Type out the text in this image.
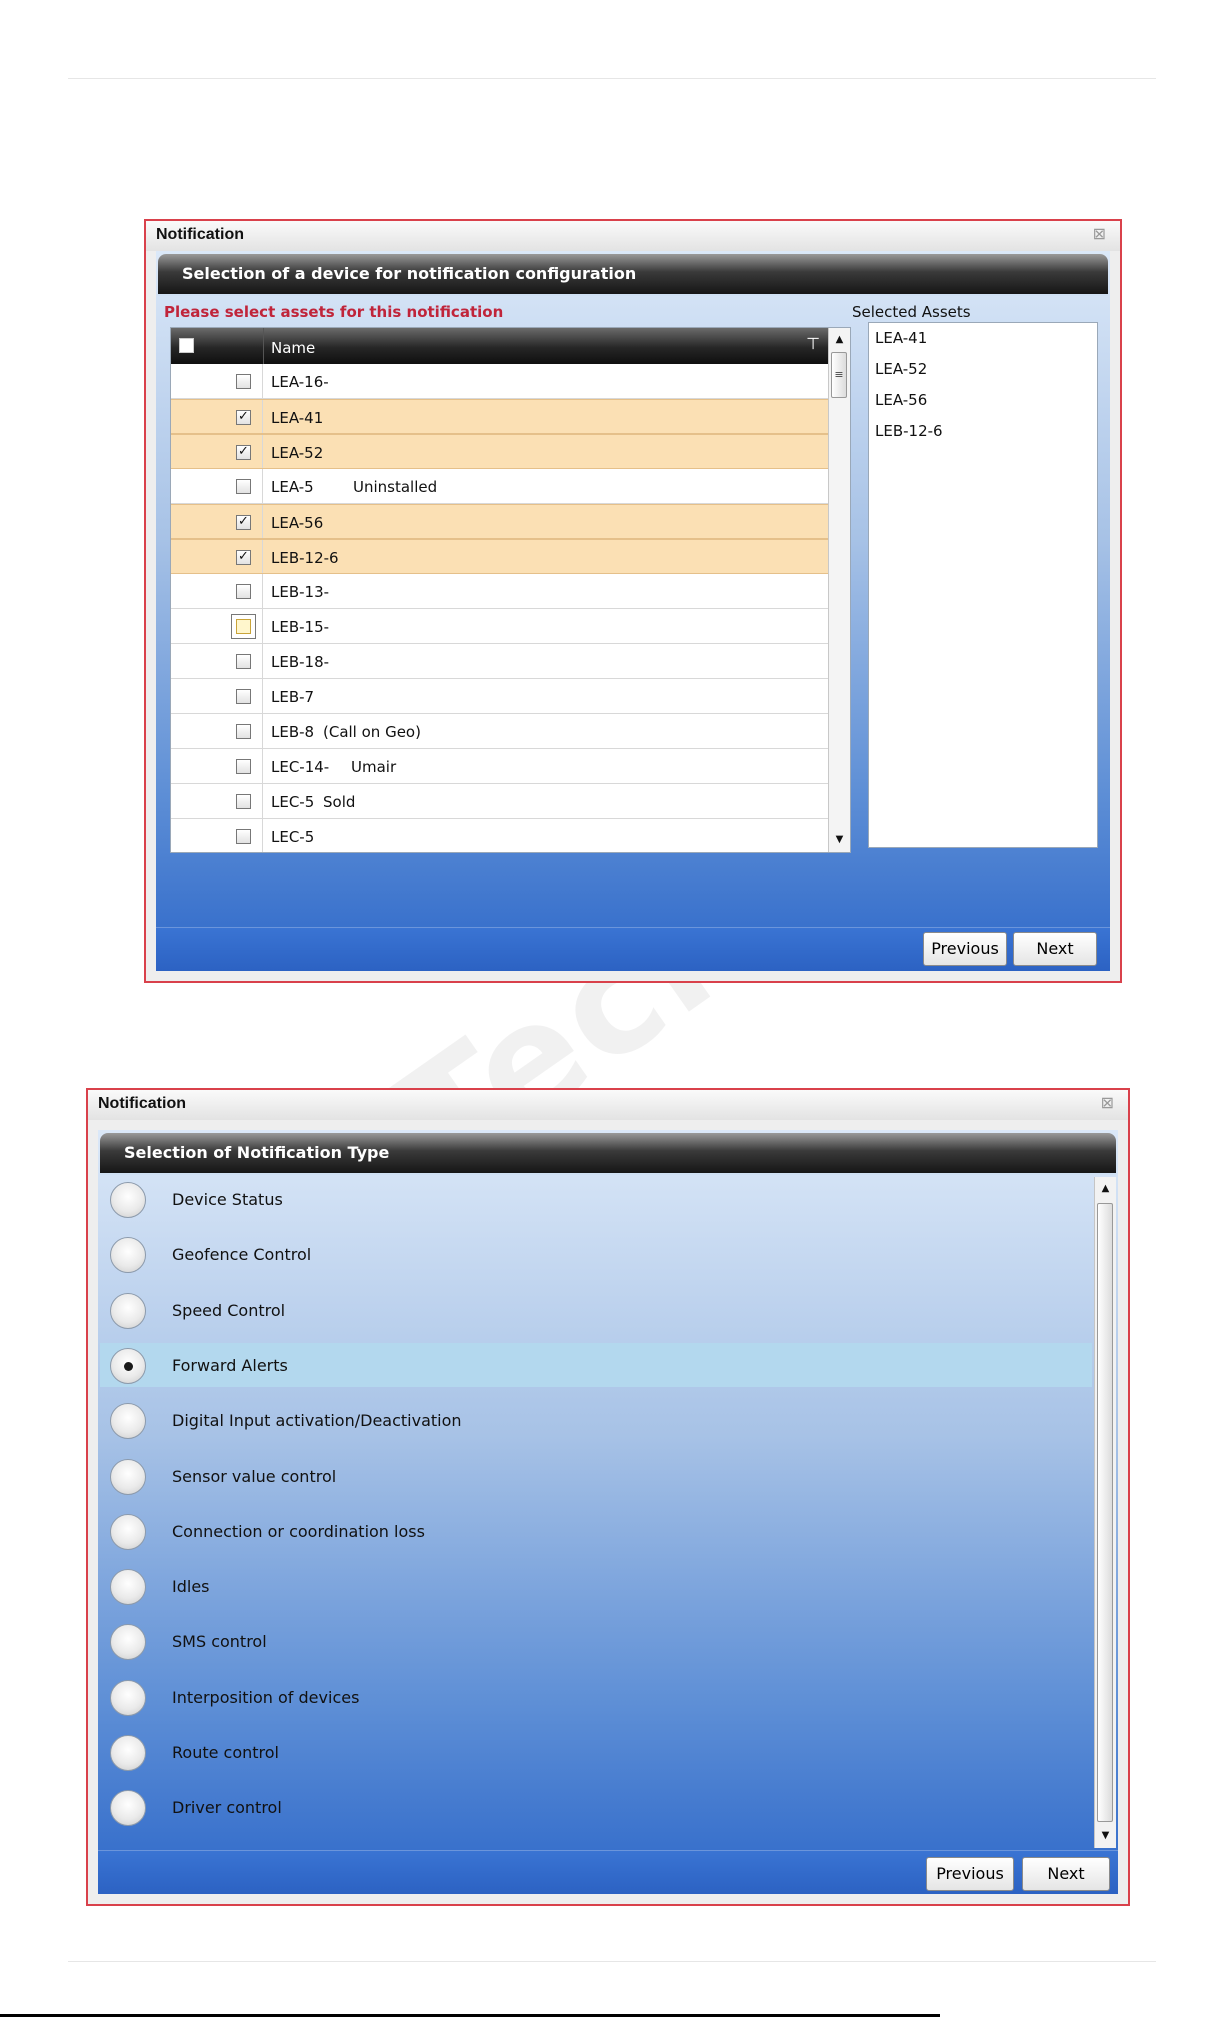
Tech
Notification	⊠
Selection of a device for notification configuration
Please select assets for this notification	Selected Assets
Name	⊤
LEA-16-
✓ LEA-41
✓ LEA-52
LEA-5	Uninstalled
✓ LEA-56
✓ LEB-12-6
LEB-13-
LEB-15-
LEB-18-
LEB-7
LEB-8 (Call on Geo)
LEC-14- Umair
LEC-5 Sold
LEC-5
▲
≡
▼
LEA-41
LEA-52
LEA-56
LEB-12-6
Previous	Next
Notification	⊠
Selection of Notification Type
Device Status
Geofence Control
Speed Control
Forward Alerts
Digital Input activation/Deactivation
Sensor value control
Connection or coordination loss
Idles
SMS control
Interposition of devices
Route control
Driver control
▲
▼
Previous	Next
